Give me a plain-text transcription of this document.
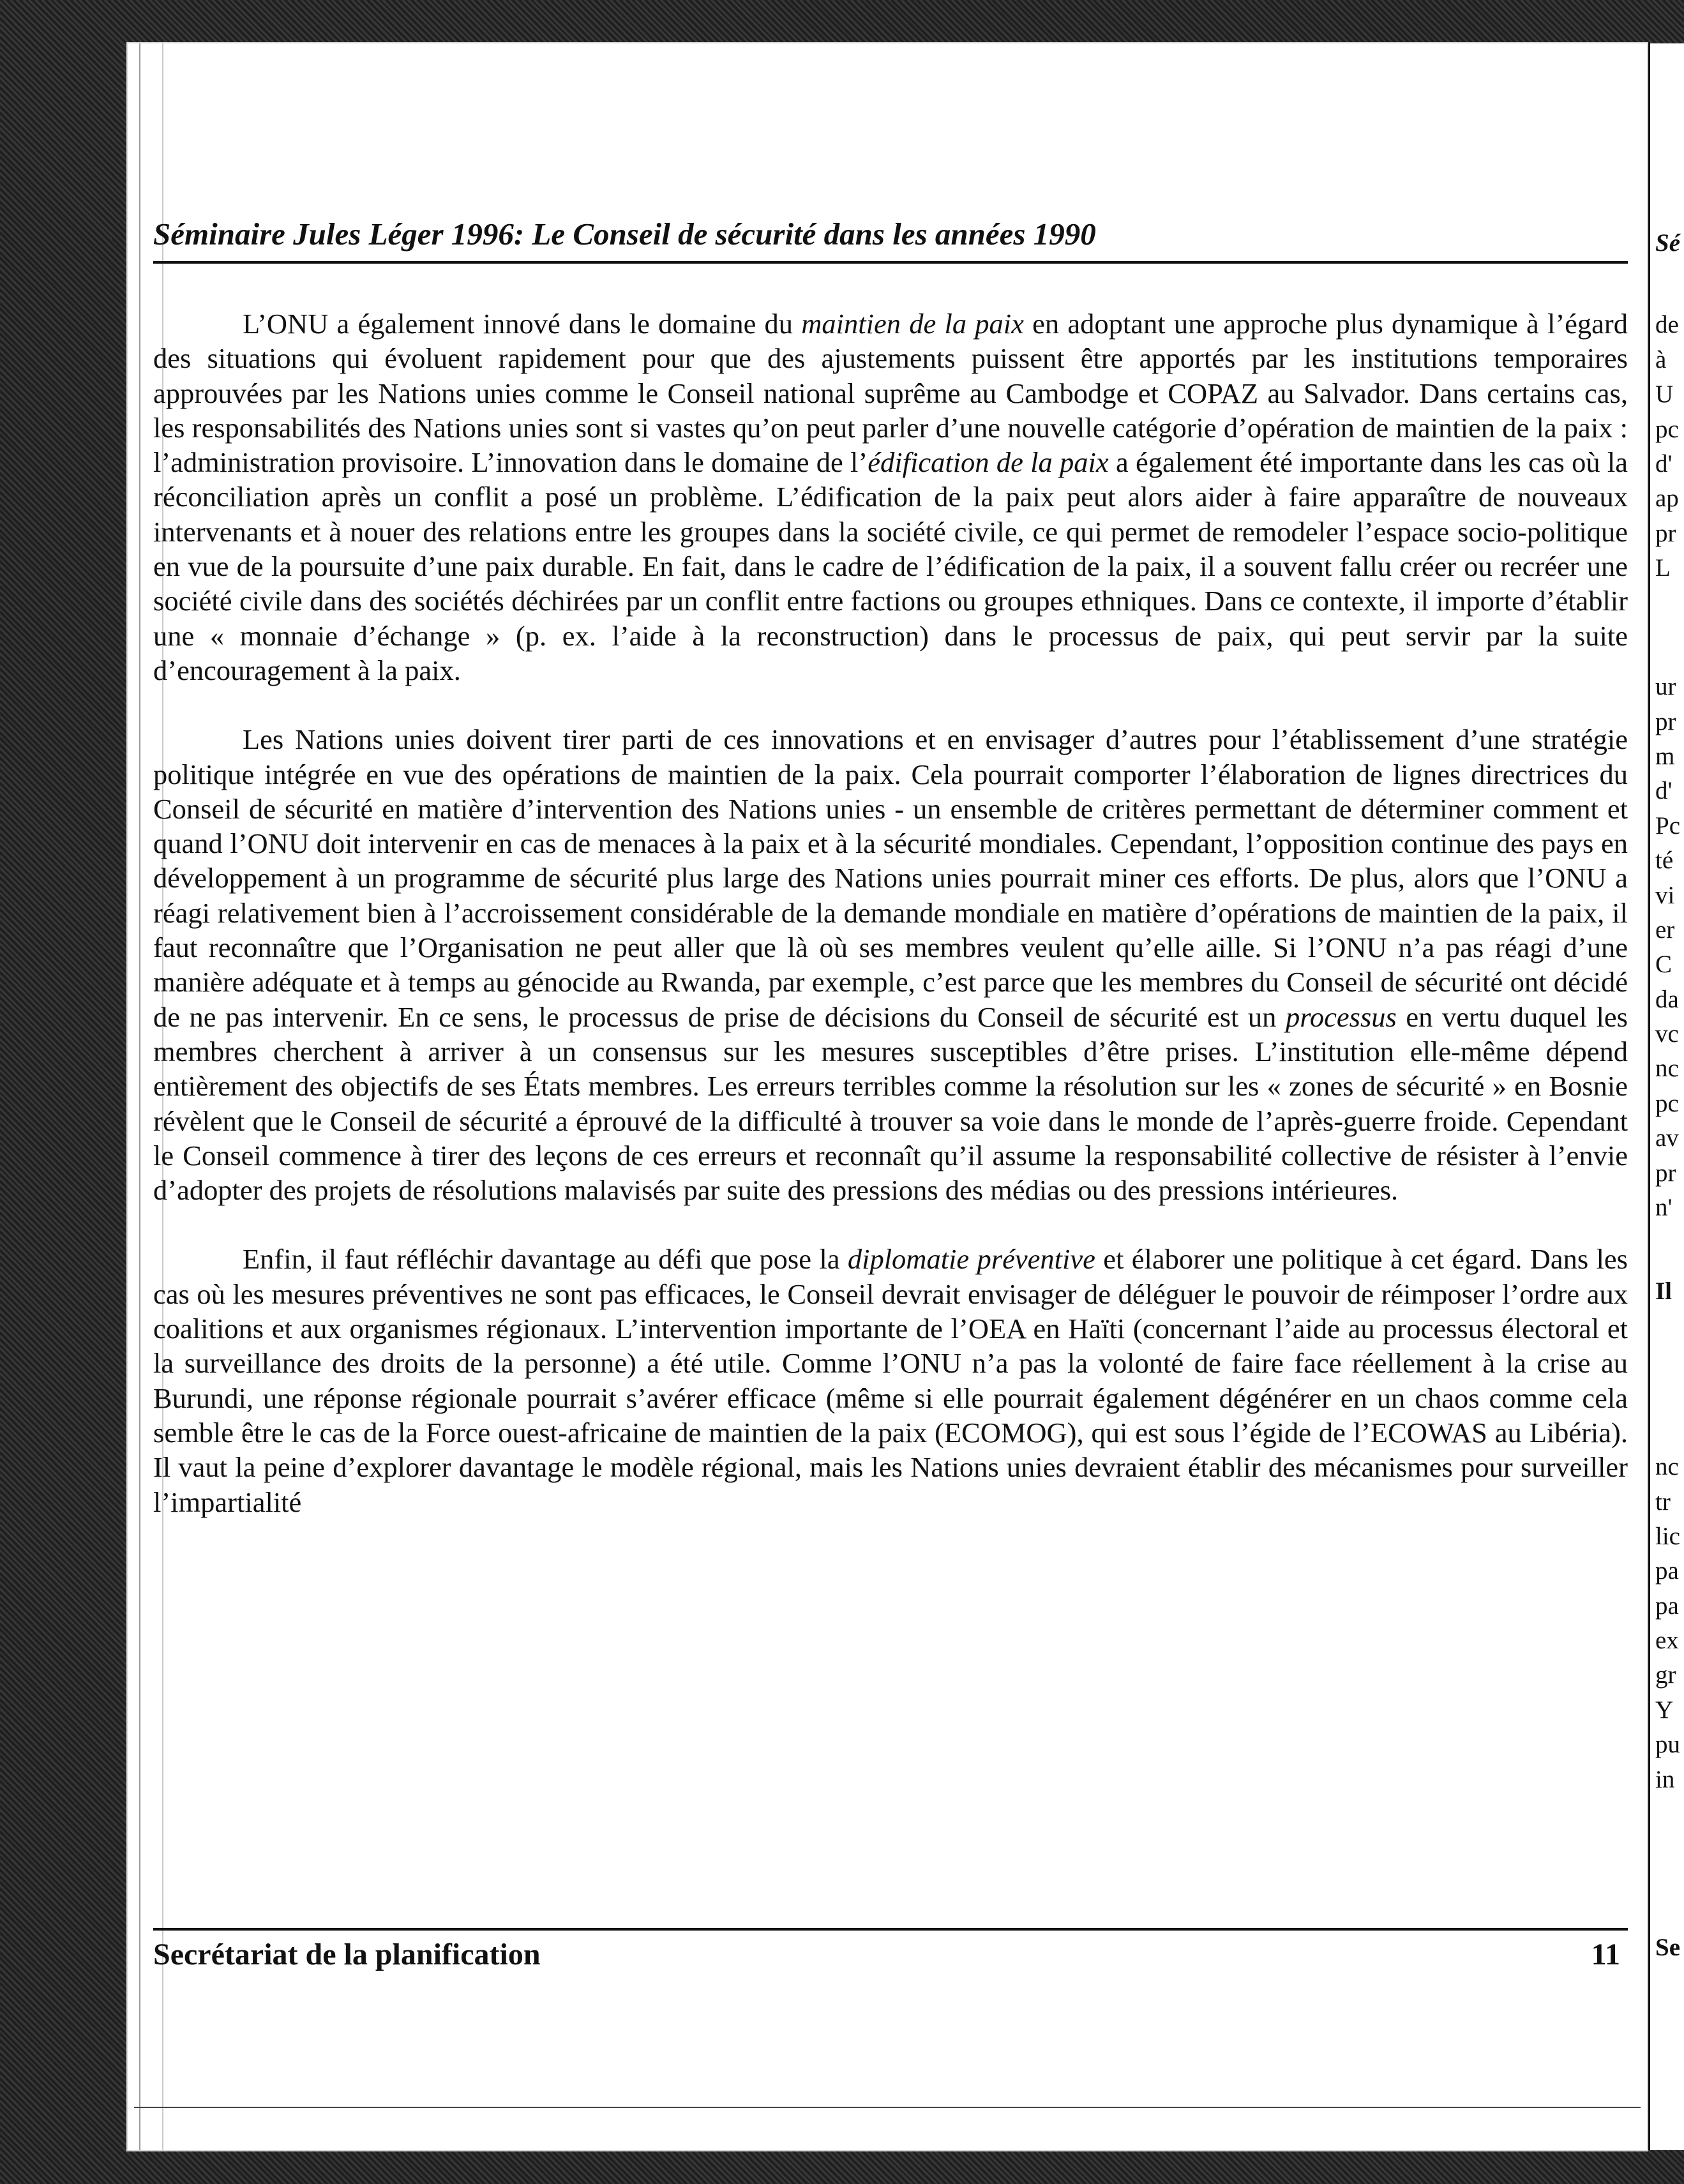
Sé
de
à
U
pc
d'
ap
pr
L
ur
pr
m
d'
Pc
té
vi
er
C
da
vc
nc
pc
av
pr
n'
Il
nc
tr
lic
pa
pa
ex
gr
Y
pu
in
Se
Séminaire Jules Léger 1996: Le Conseil de sécurité dans les années 1990

L’ONU a également innové dans le domaine du maintien de la paix en adoptant une approche plus dynamique à l’égard des situations qui évoluent rapidement pour que des ajustements puissent être apportés par les institutions temporaires approuvées par les Nations unies comme le Conseil national suprême au Cambodge et COPAZ au Salvador. Dans certains cas, les responsabilités des Nations unies sont si vastes qu’on peut parler d’une nouvelle catégorie d’opération de maintien de la paix : l’administration provisoire. L’innovation dans le domaine de l’édification de la paix a également été importante dans les cas où la réconciliation après un conflit a posé un problème. L’édification de la paix peut alors aider à faire apparaître de nouveaux intervenants et à nouer des relations entre les groupes dans la société civile, ce qui permet de remodeler l’espace socio-politique en vue de la poursuite d’une paix durable. En fait, dans le cadre de l’édification de la paix, il a souvent fallu créer ou recréer une société civile dans des sociétés déchirées par un conflit entre factions ou groupes ethniques. Dans ce contexte, il importe d’établir une « monnaie d’échange » (p. ex. l’aide à la reconstruction) dans le processus de paix, qui peut servir par la suite d’encouragement à la paix.

Les Nations unies doivent tirer parti de ces innovations et en envisager d’autres pour l’établissement d’une stratégie politique intégrée en vue des opérations de maintien de la paix. Cela pourrait comporter l’élaboration de lignes directrices du Conseil de sécurité en matière d’intervention des Nations unies - un ensemble de critères permettant de déterminer comment et quand l’ONU doit intervenir en cas de menaces à la paix et à la sécurité mondiales. Cependant, l’opposition continue des pays en développement à un programme de sécurité plus large des Nations unies pourrait miner ces efforts. De plus, alors que l’ONU a réagi relativement bien à l’accroissement considérable de la demande mondiale en matière d’opérations de maintien de la paix, il faut reconnaître que l’Organisation ne peut aller que là où ses membres veulent qu’elle aille. Si l’ONU n’a pas réagi d’une manière adéquate et à temps au génocide au Rwanda, par exemple, c’est parce que les membres du Conseil de sécurité ont décidé de ne pas intervenir. En ce sens, le processus de prise de décisions du Conseil de sécurité est un processus en vertu duquel les membres cherchent à arriver à un consensus sur les mesures susceptibles d’être prises. L’institution elle-même dépend entièrement des objectifs de ses États membres. Les erreurs terribles comme la résolution sur les « zones de sécurité » en Bosnie révèlent que le Conseil de sécurité a éprouvé de la difficulté à trouver sa voie dans le monde de l’après-guerre froide. Cependant le Conseil commence à tirer des leçons de ces erreurs et reconnaît qu’il assume la responsabilité collective de résister à l’envie d’adopter des projets de résolutions malavisés par suite des pressions des médias ou des pressions intérieures.

Enfin, il faut réfléchir davantage au défi que pose la diplomatie préventive et élaborer une politique à cet égard. Dans les cas où les mesures préventives ne sont pas efficaces, le Conseil devrait envisager de déléguer le pouvoir de réimposer l’ordre aux coalitions et aux organismes régionaux. L’intervention importante de l’OEA en Haïti (concernant l’aide au processus électoral et la surveillance des droits de la personne) a été utile. Comme l’ONU n’a pas la volonté de faire face réellement à la crise au Burundi, une réponse régionale pourrait s’avérer efficace (même si elle pourrait également dégénérer en un chaos comme cela semble être le cas de la Force ouest-africaine de maintien de la paix (ECOMOG), qui est sous l’égide de l’ECOWAS au Libéria). Il vaut la peine d’explorer davantage le modèle régional, mais les Nations unies devraient établir des mécanismes pour surveiller l’impartialité

Secrétariat de la planification	11
